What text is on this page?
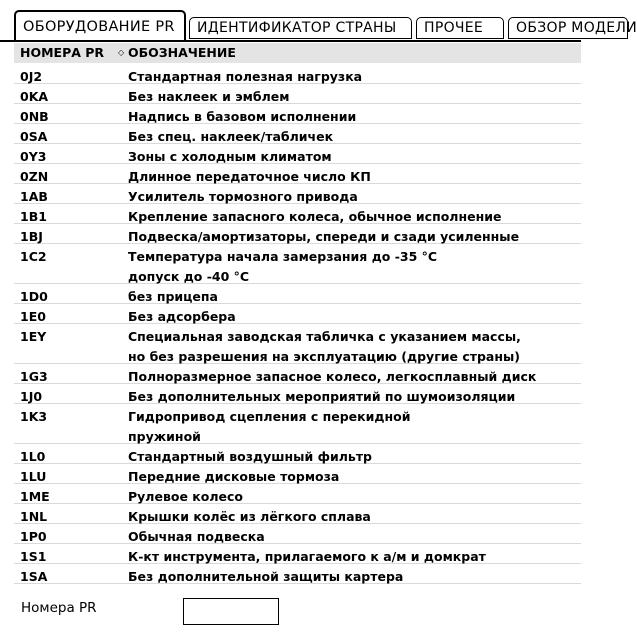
ОБОРУДОВАНИЕ PR	ИДЕНТИФИКАТОР СТРАНЫ	ПРОЧЕЕ	ОБЗОР МОДЕЛИ
НОМЕРА PR ◇ ОБОЗНАЧЕНИЕ
0J2	Стандартная полезная нагрузка
0KA	Без наклеек и эмблем
0NB	Надпись в базовом исполнении
0SA	Без спец. наклеек/табличек
0Y3	Зоны с холодным климатом
0ZN	Длинное передаточное число КП
1AB	Усилитель тормозного привода
1B1	Крепление запасного колеса, обычное исполнение
1BJ	Подвеска/амортизаторы, спереди и сзади усиленные
1C2	Температура начала замерзания до -35 °C
допуск до -40 °C
1D0	без прицепа
1E0	Без адсорбера
1EY	Специальная заводская табличка с указанием массы,
но без разрешения на эксплуатацию (другие страны)
1G3	Полноразмерное запасное колесо, легкосплавный диск
1J0	Без дополнительных мероприятий по шумоизоляции
1K3	Гидропривод сцепления с перекидной
пружиной
1L0	Стандартный воздушный фильтр
1LU	Передние дисковые тормоза
1ME	Рулевое колесо
1NL	Крышки колёс из лёгкого сплава
1P0	Обычная подвеска
1S1	К-кт инструмента, прилагаемого к а/м и домкрат
1SA	Без дополнительной защиты картера
Номера PR
